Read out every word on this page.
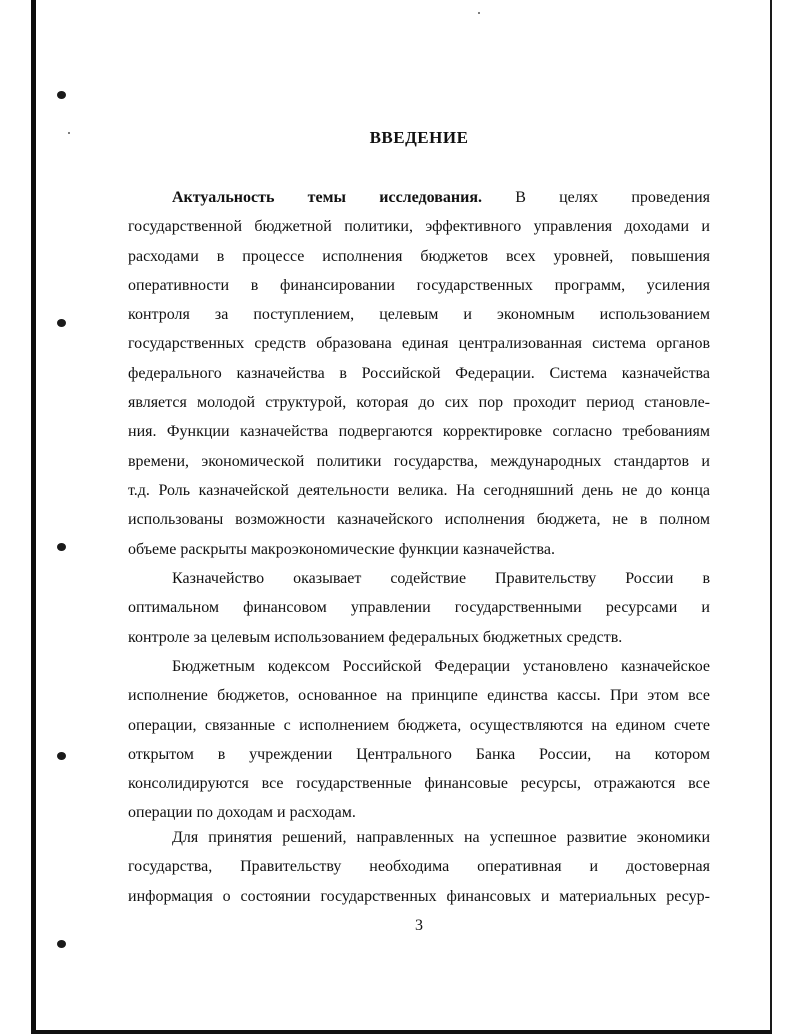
ВВЕДЕНИЕ
Актуальность темы исследования. В целях проведения
государственной бюджетной политики, эффективного управления доходами и
расходами в процессе исполнения бюджетов всех уровней, повышения
оперативности в финансировании государственных программ, усиления
контроля за поступлением, целевым и экономным использованием
государственных средств образована единая централизованная система органов
федерального казначейства в Российской Федерации. Система казначейства
является молодой структурой, которая до сих пор проходит период становле-
ния. Функции казначейства подвергаются корректировке согласно требованиям
времени, экономической политики государства, международных стандартов и
т.д. Роль казначейской деятельности велика. На сегодняшний день не до конца
использованы возможности казначейского исполнения бюджета, не в полном
объеме раскрыты макроэкономические функции казначейства.
Казначейство оказывает содействие Правительству России в
оптимальном финансовом управлении государственными ресурсами и
контроле за целевым использованием федеральных бюджетных средств.
Бюджетным кодексом Российской Федерации установлено казначейское
исполнение бюджетов, основанное на принципе единства кассы. При этом все
операции, связанные с исполнением бюджета, осуществляются на едином счете
открытом в учреждении Центрального Банка России, на котором
консолидируются все государственные финансовые ресурсы, отражаются все
операции по доходам и расходам.
Для принятия решений, направленных на успешное развитие экономики
государства, Правительству необходима оперативная и достоверная
информация о состоянии государственных финансовых и материальных ресур-
3
